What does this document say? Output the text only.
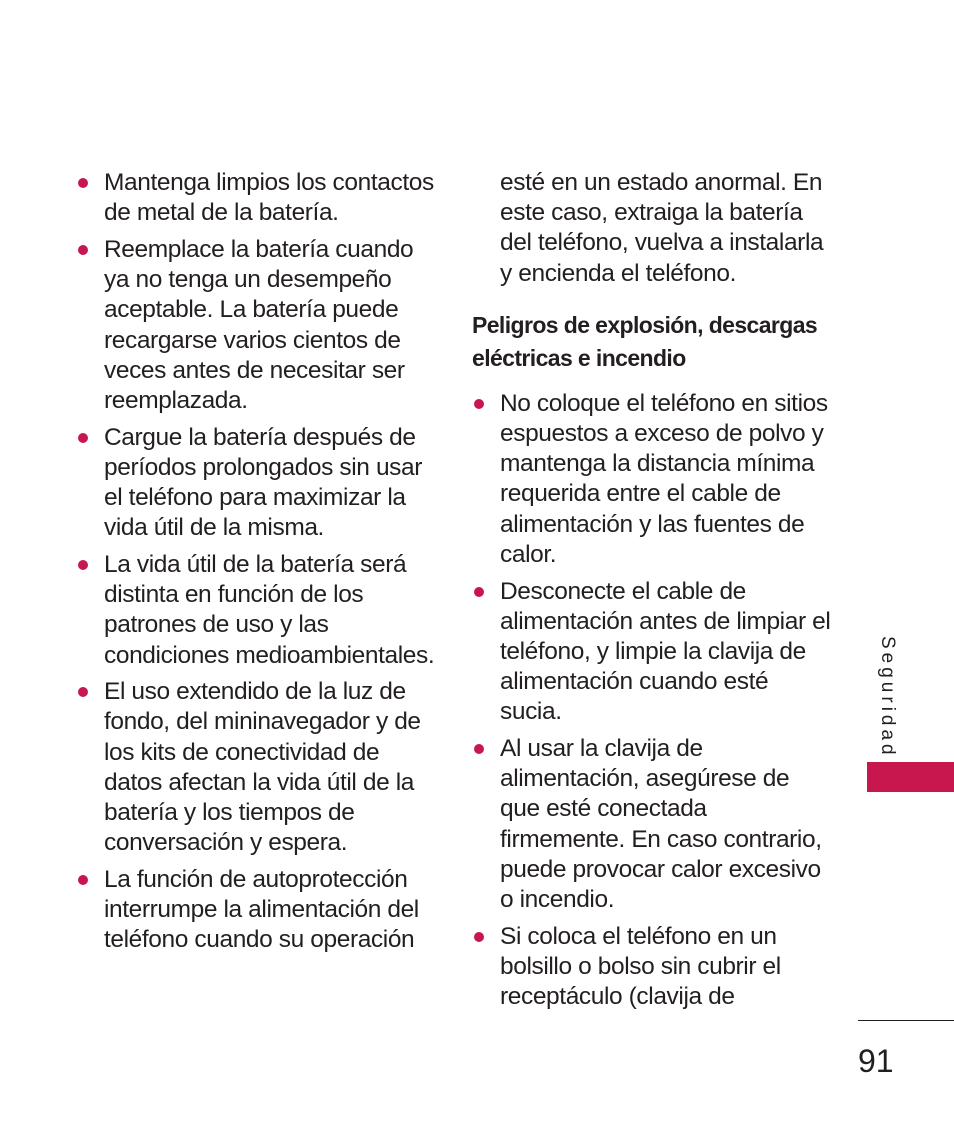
Mantenga limpios los contactos de metal de la batería.
Reemplace la batería cuando ya no tenga un desempeño aceptable. La batería puede recargarse varios cientos de veces antes de necesitar ser reemplazada.
Cargue la batería después de períodos prolongados sin usar el teléfono para maximizar la vida útil de la misma.
La vida útil de la batería será distinta en función de los patrones de uso y las condiciones medioambientales.
El uso extendido de la luz de fondo, del mininavegador y de los kits de conectividad de datos afectan la vida útil de la batería y los tiempos de conversación y espera.
La función de autoprotección interrumpe la alimentación del teléfono cuando su operación

esté en un estado anormal. En este caso, extraiga la batería del teléfono, vuelva a instalarla y encienda el teléfono.

Peligros de explosión, descargas eléctricas e incendio
No coloque el teléfono en sitios espuestos a exceso de polvo y mantenga la distancia mínima requerida entre el cable de alimentación y las fuentes de calor.
Desconecte el cable de alimentación antes de limpiar el teléfono, y limpie la clavija de alimentación cuando esté sucia.
Al usar la clavija de alimentación, asegúrese de que esté conectada firmemente. En caso contrario, puede provocar calor excesivo o incendio.
Si coloca el teléfono en un bolsillo o bolso sin cubrir el receptáculo (clavija de
Seguridad
91
